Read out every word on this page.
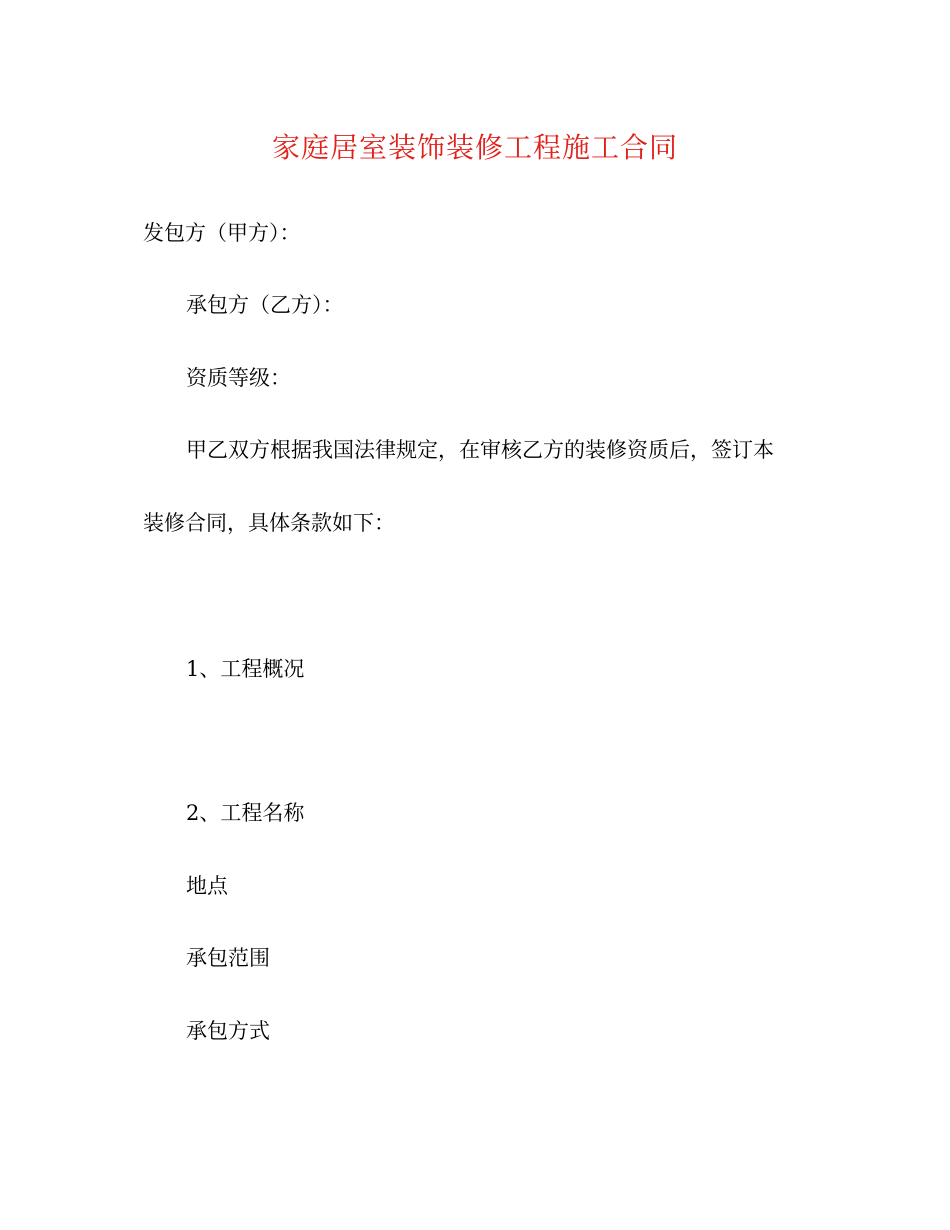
家庭居室装饰装修工程施工合同
发包方（甲方）：
承包方（乙方）：
资质等级：
甲乙双方根据我国法律规定，在审核乙方的装修资质后，签订本
装修合同，具体条款如下：
1、工程概况
2、工程名称
地点
承包范围
承包方式
